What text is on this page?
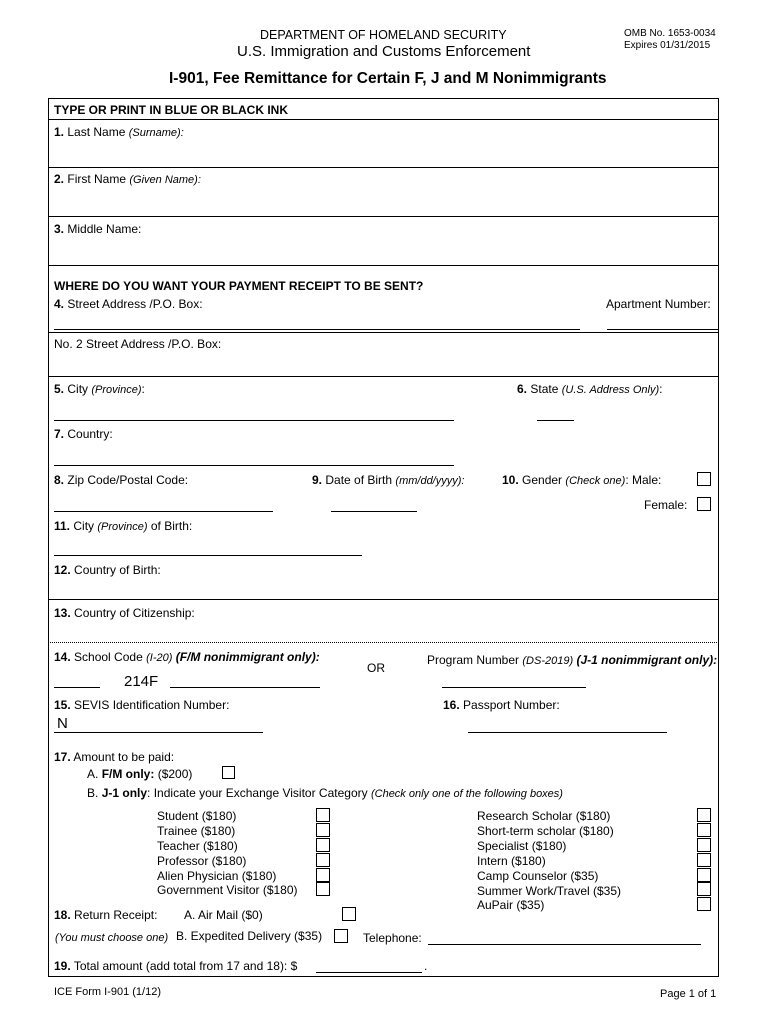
DEPARTMENT OF HOMELAND SECURITY
U.S. Immigration and Customs Enforcement
OMB No. 1653-0034
Expires 01/31/2015
I-901, Fee Remittance for Certain F, J and M Nonimmigrants
TYPE OR PRINT IN BLUE OR BLACK INK
1. Last Name (Surname):
2. First Name (Given Name):
3. Middle Name:
WHERE DO YOU WANT YOUR PAYMENT RECEIPT TO BE SENT?
4. Street Address /P.O. Box:	Apartment Number:
No. 2 Street Address /P.O. Box:
5. City (Province):	6. State (U.S. Address Only):
7. Country:
8. Zip Code/Postal Code:	9. Date of Birth (mm/dd/yyyy):	10. Gender (Check one): Male:
Female:
11. City (Province) of Birth:
12. Country of Birth:
13. Country of Citizenship:
14. School Code (I-20) (F/M nonimmigrant only):
OR
Program Number (DS-2019) (J-1 nonimmigrant only):
214F
15. SEVIS Identification Number:	16. Passport Number:
N
17. Amount to be paid:
A. F/M only: ($200)
B. J-1 only: Indicate your Exchange Visitor Category (Check only one of the following boxes)
Student ($180)
Trainee ($180)
Teacher ($180)
Professor ($180)
Alien Physician ($180)
Government Visitor ($180)
Research Scholar ($180)
Short-term scholar ($180)
Specialist ($180)
Intern ($180)
Camp Counselor ($35)
Summer Work/Travel ($35)
AuPair ($35)
18. Return Receipt: A. Air Mail ($0)
(You must choose one) B. Expedited Delivery ($35)	Telephone:
19. Total amount (add total from 17 and 18): $	.
ICE Form I-901 (1/12)	Page 1 of 1
